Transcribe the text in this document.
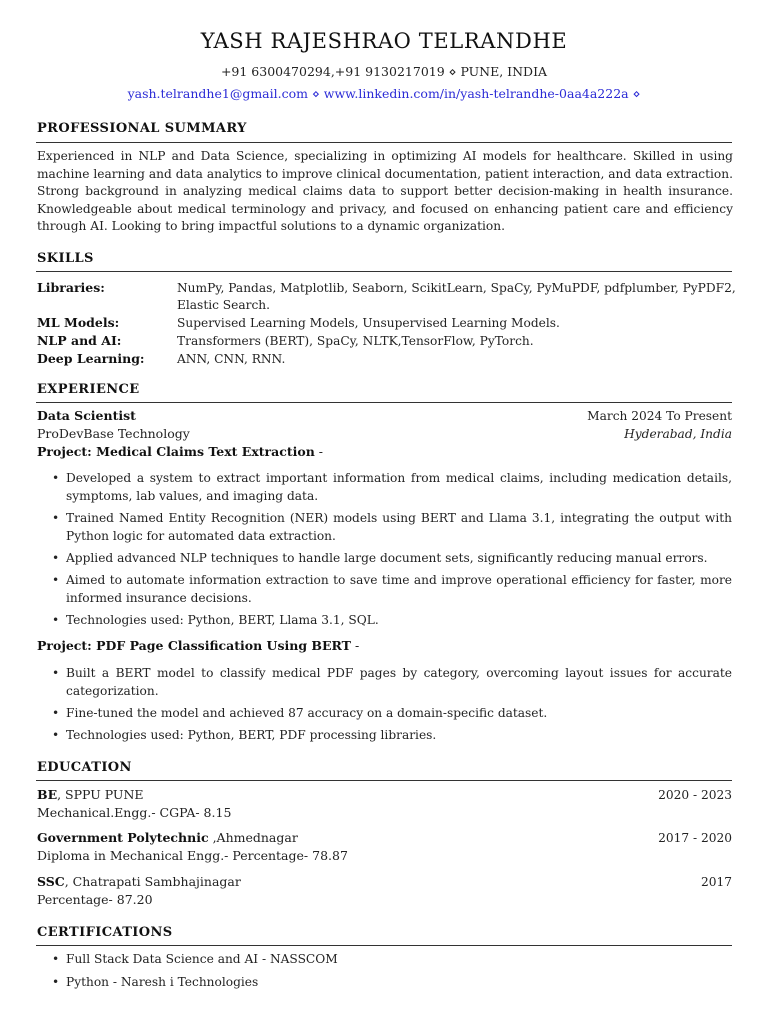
YASH RAJESHRAO TELRANDHE
+91 6300470294,+91 9130217019 ⋄ PUNE, INDIA
yash.telrandhe1@gmail.com ⋄ www.linkedin.com/in/yash-telrandhe-0aa4a222a ⋄
PROFESSIONAL SUMMARY
Experienced in NLP and Data Science, specializing in optimizing AI models for healthcare. Skilled in using machine learning and data analytics to improve clinical documentation, patient interaction, and data extraction. Strong background in analyzing medical claims data to support better decision-making in health insurance. Knowledgeable about medical terminology and privacy, and focused on enhancing patient care and efficiency through AI. Looking to bring impactful solutions to a dynamic organization.
SKILLS
Libraries:	NumPy, Pandas, Matplotlib, Seaborn, ScikitLearn, SpaCy, PyMuPDF, pdfplumber, PyPDF2, Elastic Search.
ML Models:	Supervised Learning Models, Unsupervised Learning Models.
NLP and AI:	Transformers (BERT), SpaCy, NLTK,TensorFlow, PyTorch.
Deep Learning:	ANN, CNN, RNN.
EXPERIENCE
Data Scientist	March 2024 To Present
ProDevBase Technology	Hyderabad, India
Project: Medical Claims Text Extraction -
• Developed a system to extract important information from medical claims, including medication details, symptoms, lab values, and imaging data.
• Trained Named Entity Recognition (NER) models using BERT and Llama 3.1, integrating the output with Python logic for automated data extraction.
• Applied advanced NLP techniques to handle large document sets, significantly reducing manual errors.
• Aimed to automate information extraction to save time and improve operational efficiency for faster, more informed insurance decisions.
• Technologies used: Python, BERT, Llama 3.1, SQL.
Project: PDF Page Classification Using BERT -
• Built a BERT model to classify medical PDF pages by category, overcoming layout issues for accurate categorization.
• Fine-tuned the model and achieved 87 accuracy on a domain-specific dataset.
• Technologies used: Python, BERT, PDF processing libraries.
EDUCATION
BE, SPPU PUNE	2020 - 2023
Mechanical.Engg.- CGPA- 8.15
Government Polytechnic ,Ahmednagar	2017 - 2020
Diploma in Mechanical Engg.- Percentage- 78.87
SSC, Chatrapati Sambhajinagar	2017
Percentage- 87.20
CERTIFICATIONS
• Full Stack Data Science and AI - NASSCOM
• Python - Naresh i Technologies
